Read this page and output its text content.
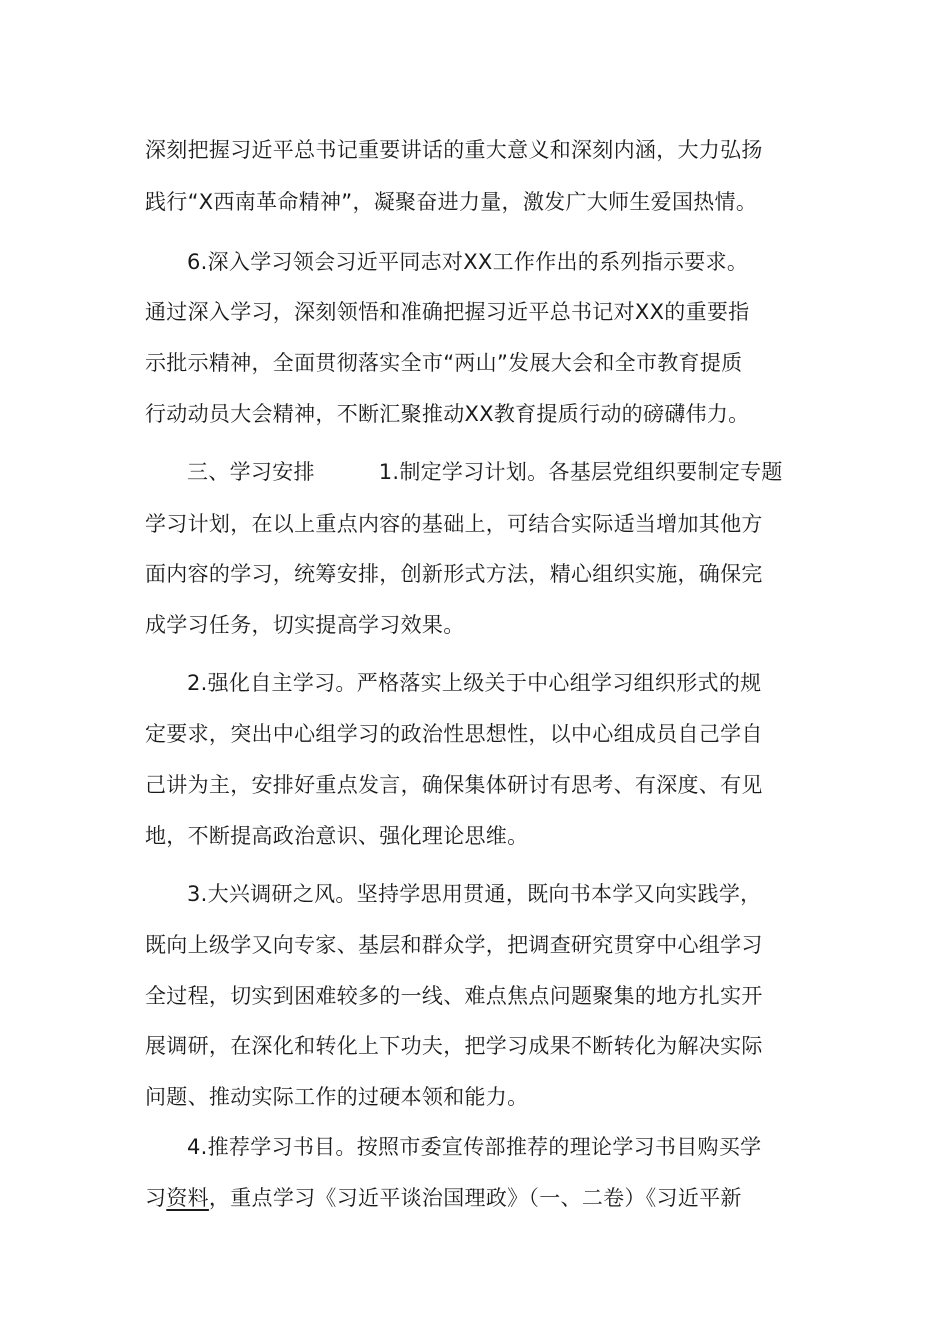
深刻把握习近平总书记重要讲话的重大意义和深刻内涵，大力弘扬
践行“X西南革命精神”，凝聚奋进力量，激发广大师生爱国热情。
6.深入学习领会习近平同志对XX工作作出的系列指示要求。
通过深入学习，深刻领悟和准确把握习近平总书记对XX的重要指
示批示精神，全面贯彻落实全市“两山”发展大会和全市教育提质
行动动员大会精神，不断汇聚推动XX教育提质行动的磅礴伟力。
三、学习安排　　　1.制定学习计划。各基层党组织要制定专题
学习计划，在以上重点内容的基础上，可结合实际适当增加其他方
面内容的学习，统筹安排，创新形式方法，精心组织实施，确保完
成学习任务，切实提高学习效果。
2.强化自主学习。严格落实上级关于中心组学习组织形式的规
定要求，突出中心组学习的政治性思想性，以中心组成员自己学自
己讲为主，安排好重点发言，确保集体研讨有思考、有深度、有见
地，不断提高政治意识、强化理论思维。
3.大兴调研之风。坚持学思用贯通，既向书本学又向实践学，
既向上级学又向专家、基层和群众学，把调查研究贯穿中心组学习
全过程，切实到困难较多的一线、难点焦点问题聚集的地方扎实开
展调研，在深化和转化上下功夫，把学习成果不断转化为解决实际
问题、推动实际工作的过硬本领和能力。
4.推荐学习书目。按照市委宣传部推荐的理论学习书目购买学
习资料，重点学习《习近平谈治国理政》（一、二卷）《习近平新
